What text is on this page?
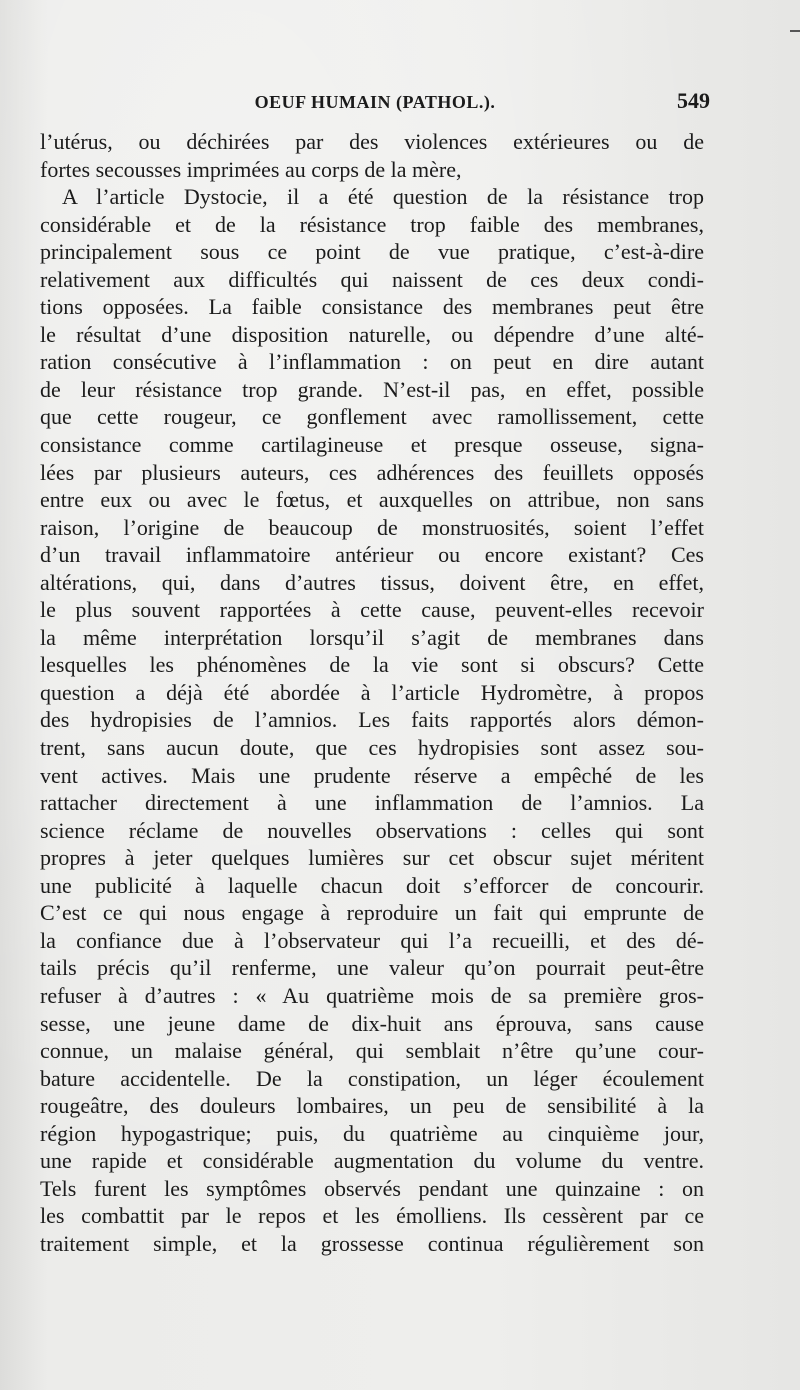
OEUF HUMAIN (PATHOL.).	549
l’utérus, ou déchirées par des violences extérieures ou de
fortes secousses imprimées au corps de la mère,
A l’article Dystocie, il a été question de la résistance trop
considérable et de la résistance trop faible des membranes,
principalement sous ce point de vue pratique, c’est-à-dire
relativement aux difficultés qui naissent de ces deux condi-
tions opposées. La faible consistance des membranes peut être
le résultat d’une disposition naturelle, ou dépendre d’une alté-
ration consécutive à l’inflammation : on peut en dire autant
de leur résistance trop grande. N’est-il pas, en effet, possible
que cette rougeur, ce gonflement avec ramollissement, cette
consistance comme cartilagineuse et presque osseuse, signa-
lées par plusieurs auteurs, ces adhérences des feuillets opposés
entre eux ou avec le fœtus, et auxquelles on attribue, non sans
raison, l’origine de beaucoup de monstruosités, soient l’effet
d’un travail inflammatoire antérieur ou encore existant? Ces
altérations, qui, dans d’autres tissus, doivent être, en effet,
le plus souvent rapportées à cette cause, peuvent-elles recevoir
la même interprétation lorsqu’il s’agit de membranes dans
lesquelles les phénomènes de la vie sont si obscurs? Cette
question a déjà été abordée à l’article Hydromètre, à propos
des hydropisies de l’amnios. Les faits rapportés alors démon-
trent, sans aucun doute, que ces hydropisies sont assez sou-
vent actives. Mais une prudente réserve a empêché de les
rattacher directement à une inflammation de l’amnios. La
science réclame de nouvelles observations : celles qui sont
propres à jeter quelques lumières sur cet obscur sujet méritent
une publicité à laquelle chacun doit s’efforcer de concourir.
C’est ce qui nous engage à reproduire un fait qui emprunte de
la confiance due à l’observateur qui l’a recueilli, et des dé-
tails précis qu’il renferme, une valeur qu’on pourrait peut-être
refuser à d’autres : « Au quatrième mois de sa première gros-
sesse, une jeune dame de dix-huit ans éprouva, sans cause
connue, un malaise général, qui semblait n’être qu’une cour-
bature accidentelle. De la constipation, un léger écoulement
rougeâtre, des douleurs lombaires, un peu de sensibilité à la
région hypogastrique; puis, du quatrième au cinquième jour,
une rapide et considérable augmentation du volume du ventre.
Tels furent les symptômes observés pendant une quinzaine : on
les combattit par le repos et les émolliens. Ils cessèrent par ce
traitement simple, et la grossesse continua régulièrement son
